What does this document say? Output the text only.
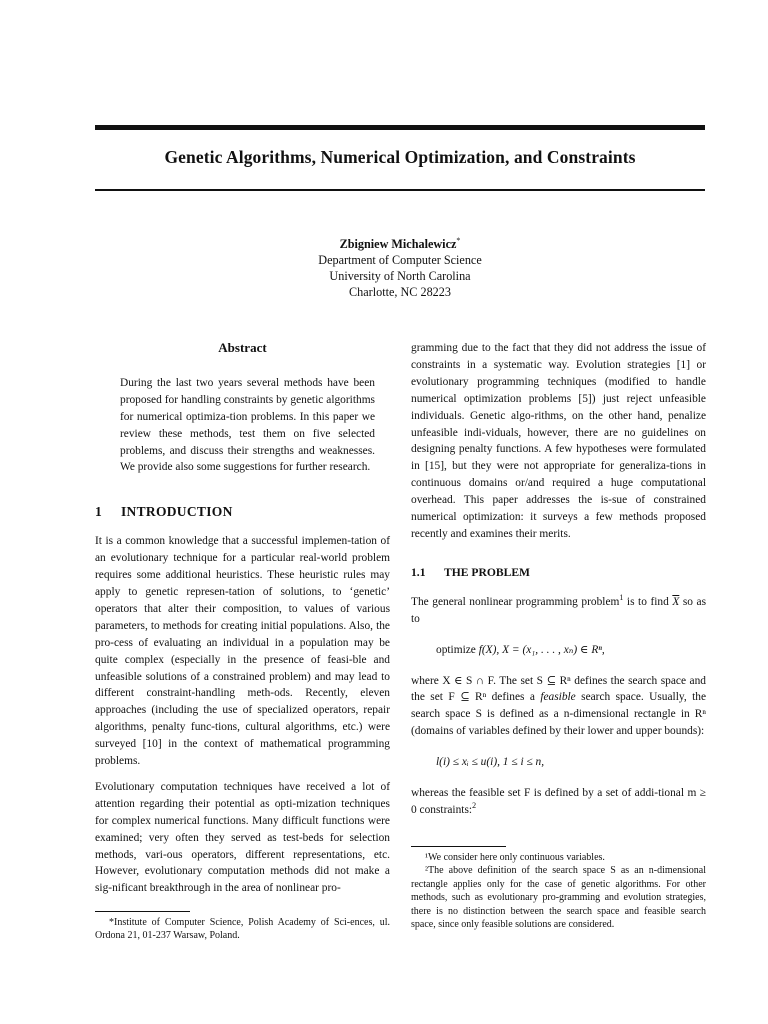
Genetic Algorithms, Numerical Optimization, and Constraints
Zbigniew Michalewicz*
Department of Computer Science
University of North Carolina
Charlotte, NC 28223

Abstract

During the last two years several methods have been proposed for handling constraints by genetic algorithms for numerical optimiza-tion problems. In this paper we review these methods, test them on five selected problems, and discuss their strengths and weaknesses. We provide also some suggestions for further research.

1 INTRODUCTION

It is a common knowledge that a successful implemen-tation of an evolutionary technique for a particular real-world problem requires some additional heuristics. These heuristic rules may apply to genetic represen-tation of solutions, to ‘genetic’ operators that alter their composition, to values of various parameters, to methods for creating initial populations. Also, the pro-cess of evaluating an individual in a population may be quite complex (especially in the presence of feasi-ble and unfeasible solutions of a constrained problem) and may lead to different constraint-handling meth-ods. Recently, eleven approaches (including the use of specialized operators, repair algorithms, penalty func-tions, cultural algorithms, etc.) were surveyed [10] in the context of mathematical programming problems.

Evolutionary computation techniques have received a lot of attention regarding their potential as opti-mization techniques for complex numerical functions. Many difficult functions were examined; very often they served as test-beds for selection methods, vari-ous operators, different representations, etc. However, evolutionary computation methods did not make a sig-nificant breakthrough in the area of nonlinear pro-

gramming due to the fact that they did not address the issue of constraints in a systematic way. Evolution strategies [1] or evolutionary programming techniques (modified to handle numerical optimization problems [5]) just reject unfeasible individuals. Genetic algo-rithms, on the other hand, penalize unfeasible indi-viduals, however, there are no guidelines on designing penalty functions. A few hypotheses were formulated in [15], but they were not appropriate for generaliza-tions in continuous domains or/and required a huge computational overhead. This paper addresses the is-sue of constrained numerical optimization: it surveys a few methods proposed recently and examines their merits.

1.1 THE PROBLEM

The general nonlinear programming problem$^1$ is to find $\overline{X}$ so as to

optimize f(X), X = (x₁, . . . , xₙ) ∈ Rⁿ,

where X ∈ S ∩ F. The set S ⊆ Rⁿ defines the search space and the set F ⊆ Rⁿ defines a feasible search space. Usually, the search space S is defined as a n-dimensional rectangle in Rⁿ (domains of variables defined by their lower and upper bounds):

l(i) ≤ xᵢ ≤ u(i), 1 ≤ i ≤ n,

whereas the feasible set F is defined by a set of addi-tional m ≥ 0 constraints:$^2$

*Institute of Computer Science, Polish Academy of Sci-ences, ul. Ordona 21, 01-237 Warsaw, Poland.

¹We consider here only continuous variables.

²The above definition of the search space S as an n-dimensional rectangle applies only for the case of genetic algorithms. For other methods, such as evolutionary pro-gramming and evolution strategies, there is no distinction between the search space and feasible search space, since only feasible solutions are considered.
